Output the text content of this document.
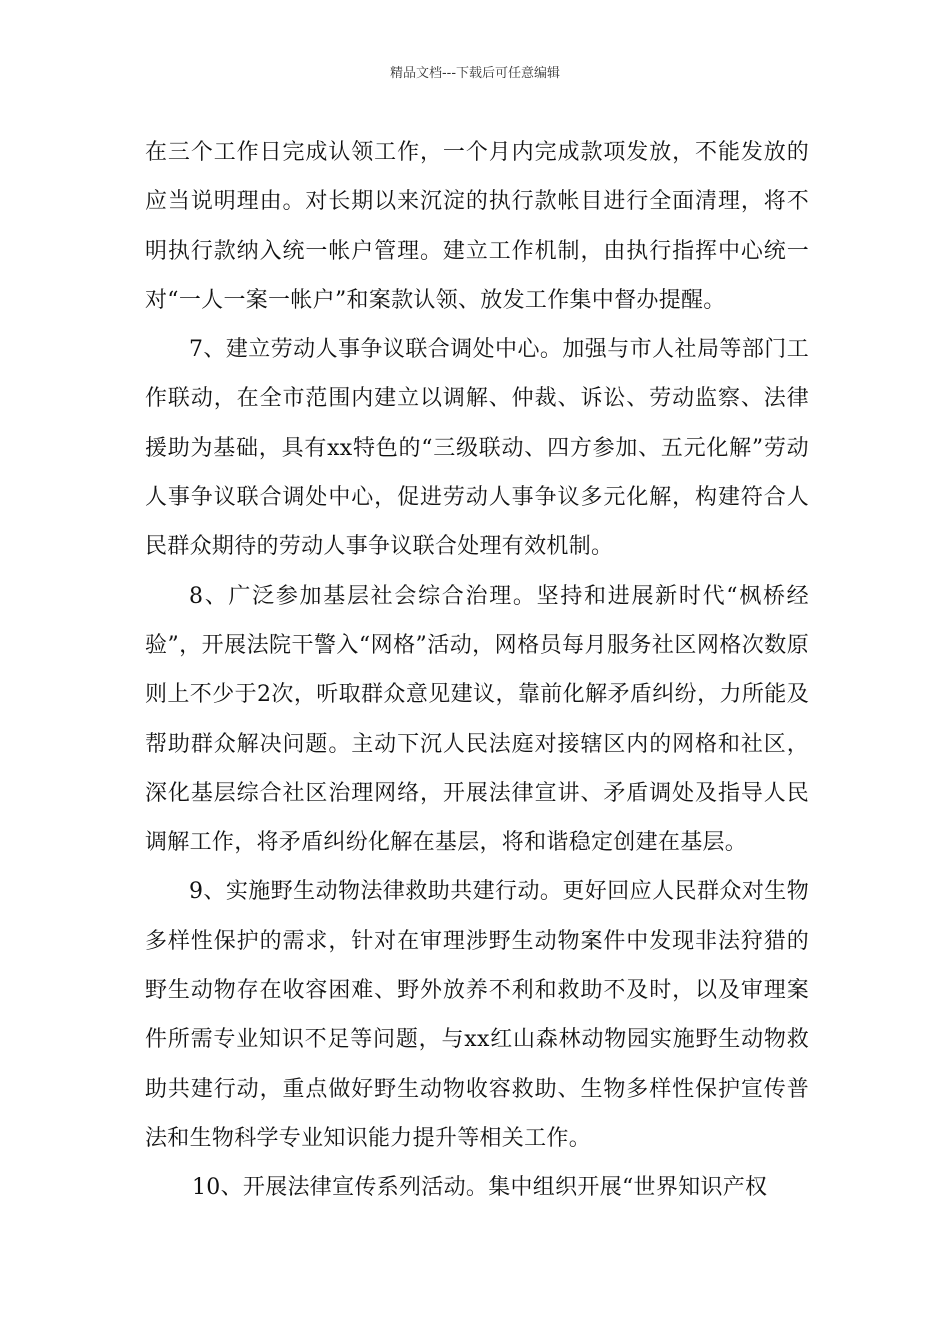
精品文档---下载后可任意编辑

在三个工作日完成认领工作，一个月内完成款项发放，不能发放的应当说明理由。对长期以来沉淀的执行款帐目进行全面清理，将不明执行款纳入统一帐户管理。建立工作机制，由执行指挥中心统一对“一人一案一帐户”和案款认领、放发工作集中督办提醒。

7、建立劳动人事争议联合调处中心。加强与市人社局等部门工作联动，在全市范围内建立以调解、仲裁、诉讼、劳动监察、法律援助为基础，具有xx特色的“三级联动、四方参加、五元化解”劳动人事争议联合调处中心，促进劳动人事争议多元化解，构建符合人民群众期待的劳动人事争议联合处理有效机制。

8、广泛参加基层社会综合治理。坚持和进展新时代“枫桥经验”，开展法院干警入“网格”活动，网格员每月服务社区网格次数原则上不少于2次，听取群众意见建议，靠前化解矛盾纠纷，力所能及帮助群众解决问题。主动下沉人民法庭对接辖区内的网格和社区，深化基层综合社区治理网络，开展法律宣讲、矛盾调处及指导人民调解工作，将矛盾纠纷化解在基层，将和谐稳定创建在基层。

9、实施野生动物法律救助共建行动。更好回应人民群众对生物多样性保护的需求，针对在审理涉野生动物案件中发现非法狩猎的野生动物存在收容困难、野外放养不利和救助不及时，以及审理案件所需专业知识不足等问题，与xx红山森林动物园实施野生动物救助共建行动，重点做好野生动物收容救助、生物多样性保护宣传普法和生物科学专业知识能力提升等相关工作。

10、开展法律宣传系列活动。集中组织开展“世界知识产权
